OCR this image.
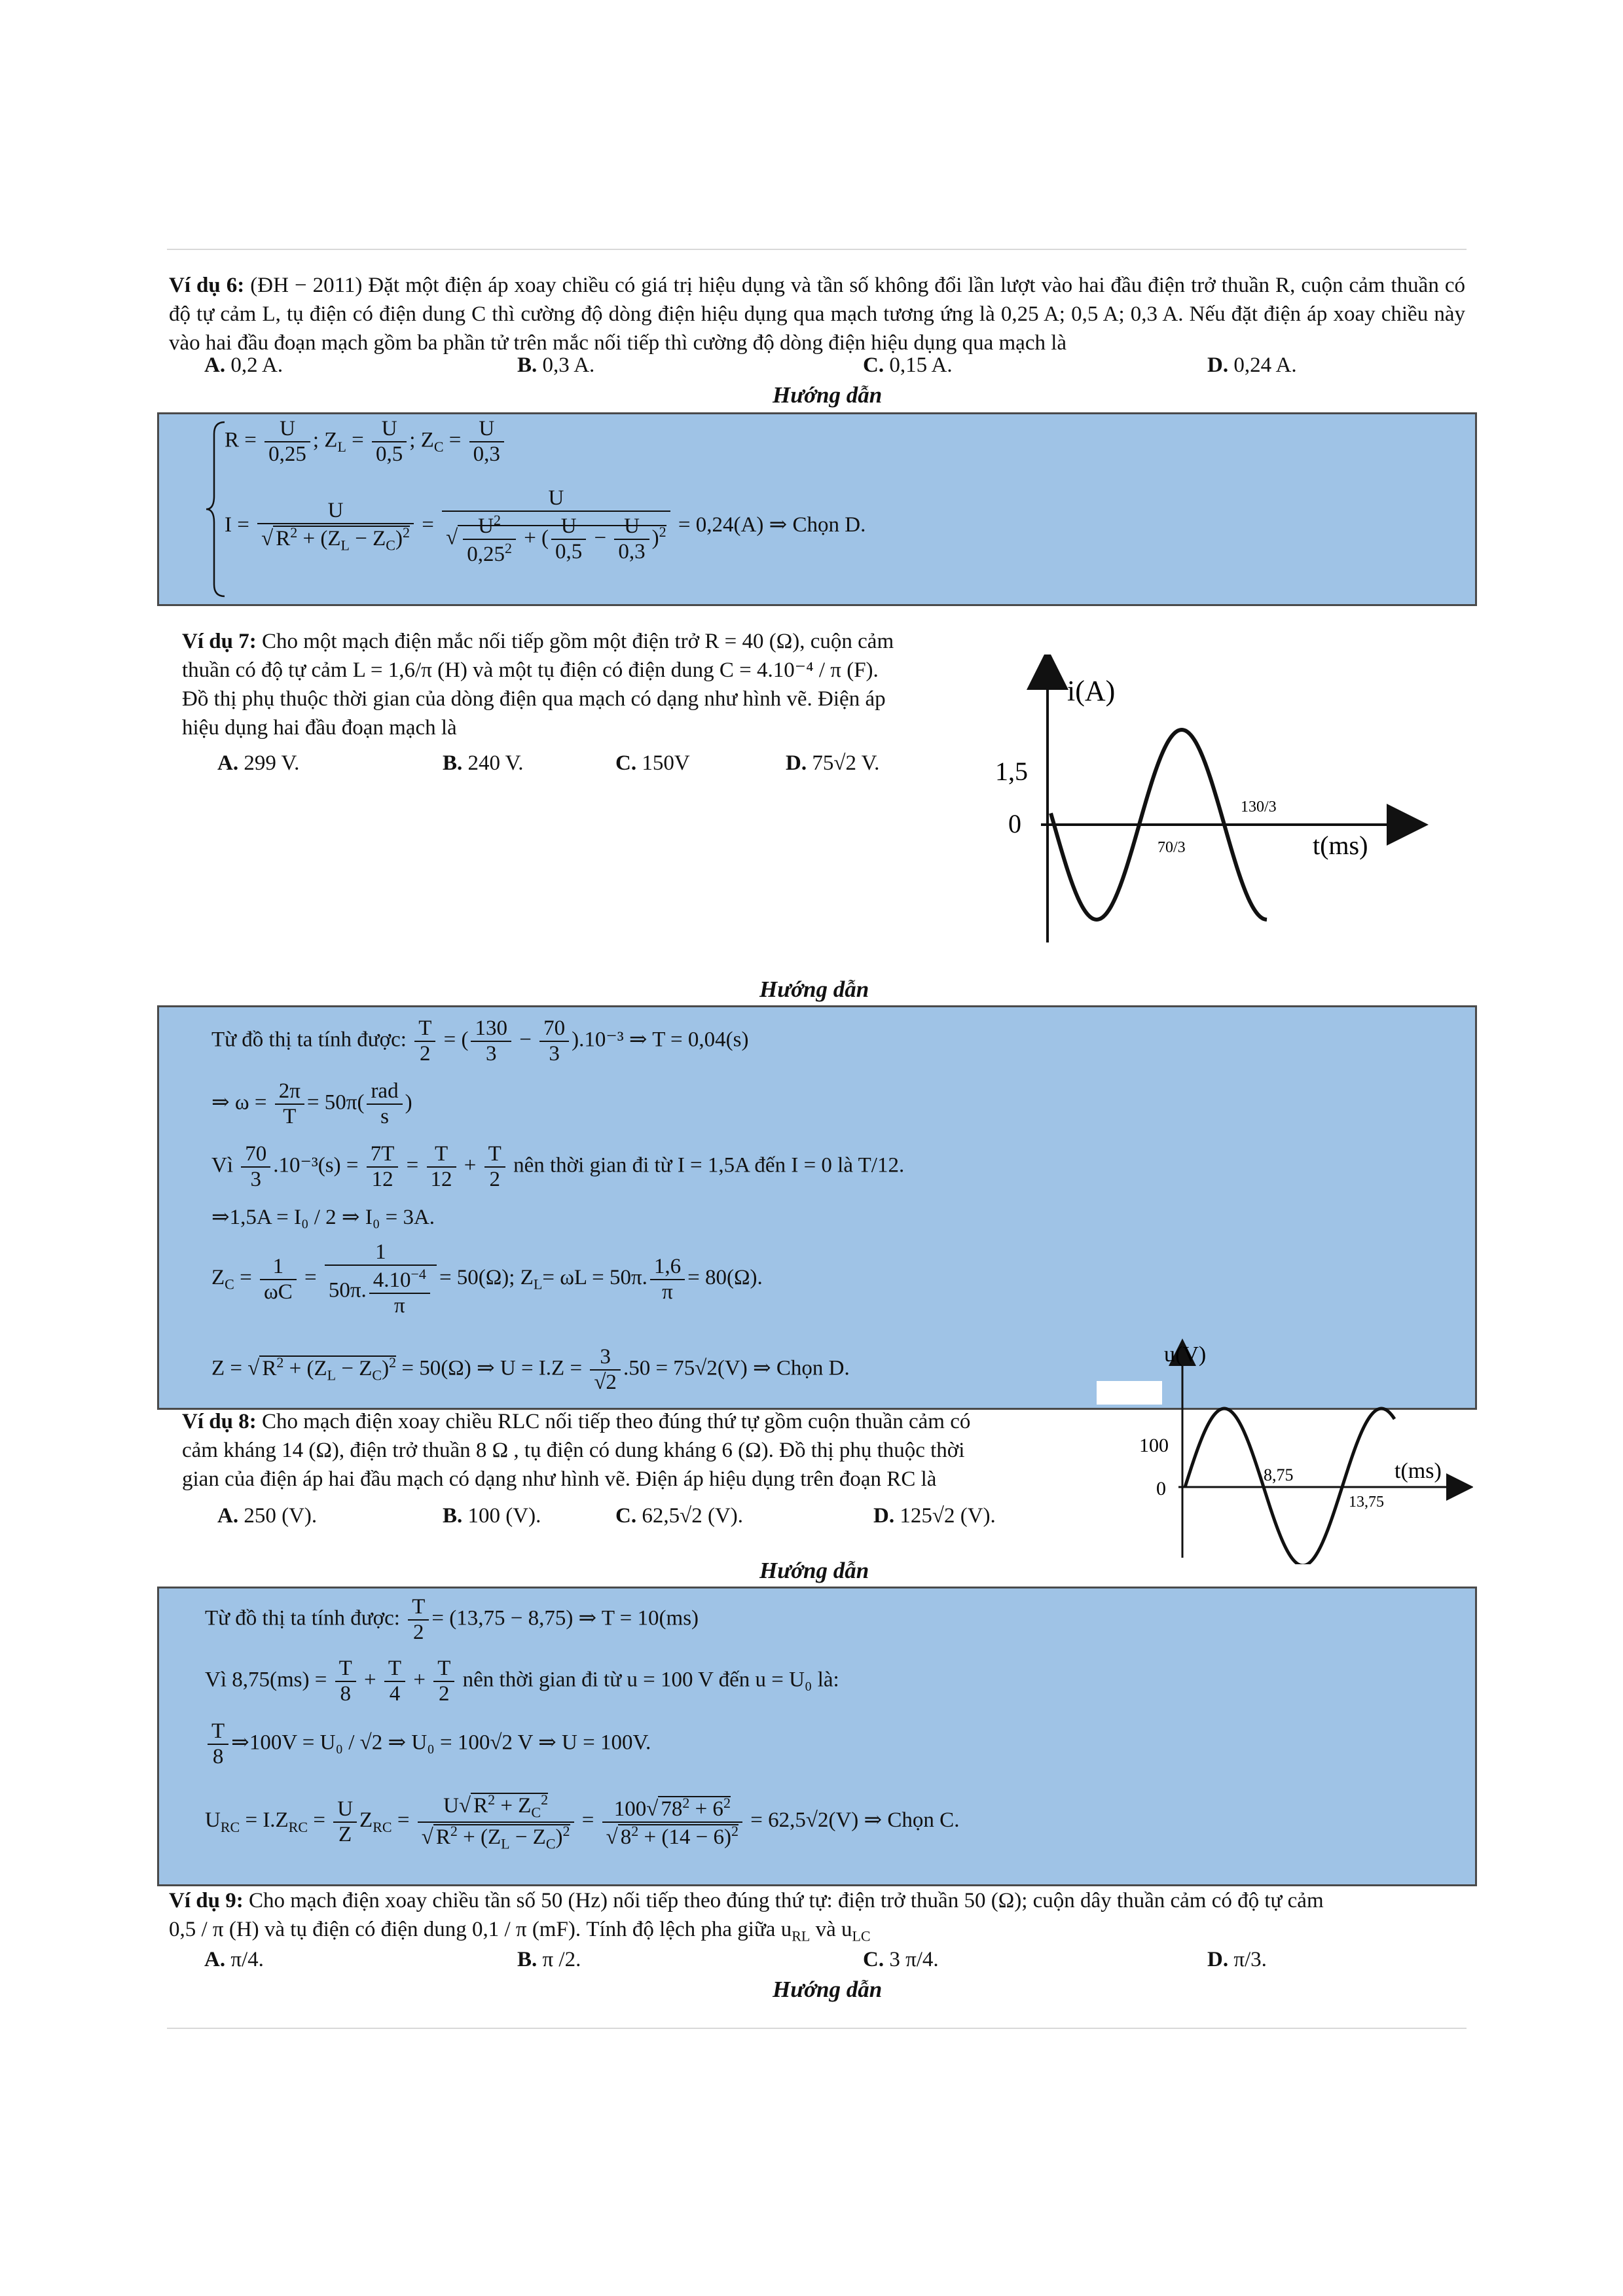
Ví dụ 6: (ĐH − 2011) Đặt một điện áp xoay chiều có giá trị hiệu dụng và tần số không đổi lần lượt vào hai đầu điện trở thuần R, cuộn cảm thuần có độ tự cảm L, tụ điện có điện dung C thì cường độ dòng điện hiệu dụng qua mạch tương ứng là 0,25 A; 0,5 A; 0,3 A. Nếu đặt điện áp xoay chiều này vào hai đầu đoạn mạch gồm ba phần tử trên mắc nối tiếp thì cường độ dòng điện hiệu dụng qua mạch là
A. 0,2 A.	B. 0,3 A.	C. 0,15 A.	D. 0,24 A.
Hướng dẫn
$R = \frac{U}{0,25}$ ; $Z_L = \frac{U}{0,5}$ ; $Z_C = \frac{U}{0,3}$
$I = \frac{U}{√ R^2 + (Z_L - Z_C)^2} = \frac{U}{√ \frac{U^2}{0,25^2} + ( \frac{U}{0,5} - \frac{U}{0,3} )^2} = 0,24(A)$ ⇒ Chọn D.
Ví dụ 7: Cho một mạch điện mắc nối tiếp gồm một điện trở R = 40 (Ω), cuộn cảm
thuần có độ tự cảm L = 1,6/π (H) và một tụ điện có điện dung C = 4.10⁻⁴ / π (F).
Đồ thị phụ thuộc thời gian của dòng điện qua mạch có dạng như hình vẽ. Điện áp
hiệu dụng hai đầu đoạn mạch là
A. 299 V.	B. 240 V.	C. 150V	D. 75√2 V.
i(A)
t(ms)
1,5
0
70/3
130/3
Hướng dẫn
Từ đồ thị ta tính được: $\frac{T}{2}$ = ( $\frac{130}{3} - \frac{70}{3} ).10^{-3}$ ⇒ T = 0,04(s)
⇒ $\omega = \frac{2\pi}{T} = 50\pi( \frac{\text{rad}}{s}$ )
Vì $\frac{70}{3} .10^{-3}(s) = \frac{7T}{12} = \frac{T}{12} + \frac{T}{2}$ nên thời gian đi từ I = 1,5A đến I = 0 là T/12.
⇒1,5A = I₀ / 2 ⇒ I₀ = 3A.
$Z_C = \frac{1}{\omega C} = \frac{1}{50\pi. \frac{4.10^{-4}}{\pi}} = 50(\Omega)$; $Z_L= \omega L = 50\pi$. $\frac{1,6}{\pi} = 80(\Omega)$.
Z = √ $R^2 + (Z_L - Z_C)^2 = 50(\Omega)$ ⇒ $U = I.Z = \frac{3}{√2} .50 = 75√2(V)$ ⇒ Chọn D.
Ví dụ 8: Cho mạch điện xoay chiều RLC nối tiếp theo đúng thứ tự gồm cuộn thuần cảm có
cảm kháng 14 (Ω), điện trở thuần 8 Ω , tụ điện có dung kháng 6 (Ω). Đồ thị phụ thuộc thời
gian của điện áp hai đầu mạch có dạng như hình vẽ. Điện áp hiệu dụng trên đoạn RC là
A. 250 (V).	B. 100 (V).	C. 62,5√2 (V).	D. 125√2 (V).
u(V)
t(ms)
100
0
8,75
13,75
Hướng dẫn
Từ đồ thị ta tính được: $\frac{T}{2} = (13,75 - 8,75)$ ⇒ T = 10(ms)
Vì $8,75(ms) = \frac{T}{8} + \frac{T}{4} + \frac{T}{2}$ nên thời gian đi từ u = 100 V đến u = U₀ là:
$\frac{T}{8}$ ⇒100V = U₀ / √2 ⇒ U₀ = 100√2 V ⇒ U = 100V.
$U_{RC} = I.Z_{RC} = \frac{U}{Z} Z_{RC} = \frac{U√ R^2 + Z_C^2}{√ R^2 + (Z_L - Z_C)^2} = \frac{100√ 78^2 + 6^2}{√ 8^2 + (14 - 6)^2} = 62,5√2(V)$ ⇒ Chọn C.
Ví dụ 9: Cho mạch điện xoay chiều tần số 50 (Hz) nối tiếp theo đúng thứ tự: điện trở thuần 50 (Ω); cuộn dây thuần cảm có độ tự cảm
0,5 / π (H) và tụ điện có điện dung 0,1 / π (mF). Tính độ lệch pha giữa $u_{RL}$ và $u_{LC}$
A. π/4.	B. π /2.	C. 3 π/4.	D. π/3.
Hướng dẫn
